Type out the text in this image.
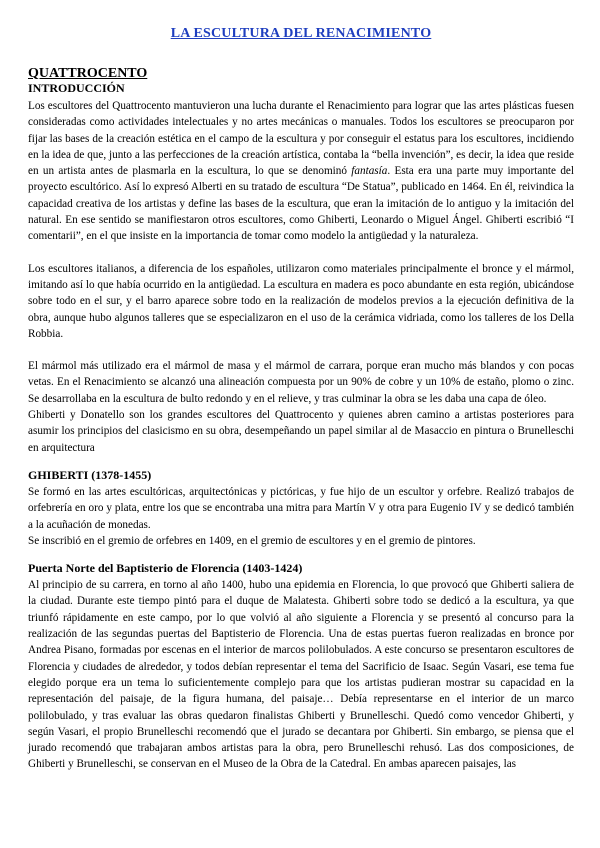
LA ESCULTURA DEL RENACIMIENTO
QUATTROCENTO
INTRODUCCIÓN

Los escultores del Quattrocento mantuvieron una lucha durante el Renacimiento para lograr que las artes plásticas fuesen consideradas como actividades intelectuales y no artes mecánicas o manuales. Todos los escultores se preocuparon por fijar las bases de la creación estética en el campo de la escultura y por conseguir el estatus para los escultores, incidiendo en la idea de que, junto a las perfecciones de la creación artística, contaba la “bella invención”, es decir, la idea que reside en un artista antes de plasmarla en la escultura, lo que se denominó fantasía. Esta era una parte muy importante del proyecto escultórico. Así lo expresó Alberti en su tratado de escultura “De Statua”, publicado en 1464. En él, reivindica la capacidad creativa de los artistas y define las bases de la escultura, que eran la imitación de lo antiguo y la imitación del natural. En ese sentido se manifiestaron otros escultores, como Ghiberti, Leonardo o Miguel Ángel. Ghiberti escribió “I comentarii”, en el que insiste en la importancia de tomar como modelo la antigüedad y la naturaleza.

Los escultores italianos, a diferencia de los españoles, utilizaron como materiales principalmente el bronce y el mármol, imitando así lo que había ocurrido en la antigüedad. La escultura en madera es poco abundante en esta región, ubicándose sobre todo en el sur, y el barro aparece sobre todo en la realización de modelos previos a la ejecución definitiva de la obra, aunque hubo algunos talleres que se especializaron en el uso de la cerámica vidriada, como los talleres de los Della Robbia.

El mármol más utilizado era el mármol de masa y el mármol de carrara, porque eran mucho más blandos y con pocas vetas. En el Renacimiento se alcanzó una alineación compuesta por un 90% de cobre y un 10% de estaño, plomo o zinc. Se desarrollaba en la escultura de bulto redondo y en el relieve, y tras culminar la obra se les daba una capa de óleo.

Ghiberti y Donatello son los grandes escultores del Quattrocento y quienes abren camino a artistas posteriores para asumir los principios del clasicismo en su obra, desempeñando un papel similar al de Masaccio en pintura o Brunelleschi en arquitectura

GHIBERTI (1378-1455)

Se formó en las artes escultóricas, arquitectónicas y pictóricas, y fue hijo de un escultor y orfebre. Realizó trabajos de orfebrería en oro y plata, entre los que se encontraba una mitra para Martín V y otra para Eugenio IV y se dedicó también a la acuñación de monedas.

Se inscribió en el gremio de orfebres en 1409, en el gremio de escultores y en el gremio de pintores.

Puerta Norte del Baptisterio de Florencia (1403-1424)

Al principio de su carrera, en torno al año 1400, hubo una epidemia en Florencia, lo que provocó que Ghiberti saliera de la ciudad. Durante este tiempo pintó para el duque de Malatesta. Ghiberti sobre todo se dedicó a la escultura, ya que triunfó rápidamente en este campo, por lo que volvió al año siguiente a Florencia y se presentó al concurso para la realización de las segundas puertas del Baptisterio de Florencia. Una de estas puertas fueron realizadas en bronce por Andrea Pisano, formadas por escenas en el interior de marcos polilobulados. A este concurso se presentaron escultores de Florencia y ciudades de alrededor, y todos debían representar el tema del Sacrificio de Isaac. Según Vasari, ese tema fue elegido porque era un tema lo suficientemente complejo para que los artistas pudieran mostrar su capacidad en la representación del paisaje, de la figura humana, del paisaje… Debía representarse en el interior de un marco polilobulado, y tras evaluar las obras quedaron finalistas Ghiberti y Brunelleschi. Quedó como vencedor Ghiberti, y según Vasari, el propio Brunelleschi recomendó que el jurado se decantara por Ghiberti. Sin embargo, se piensa que el jurado recomendó que trabajaran ambos artistas para la obra, pero Brunelleschi rehusó. Las dos composiciones, de Ghiberti y Brunelleschi, se conservan en el Museo de la Obra de la Catedral. En ambas aparecen paisajes, las
